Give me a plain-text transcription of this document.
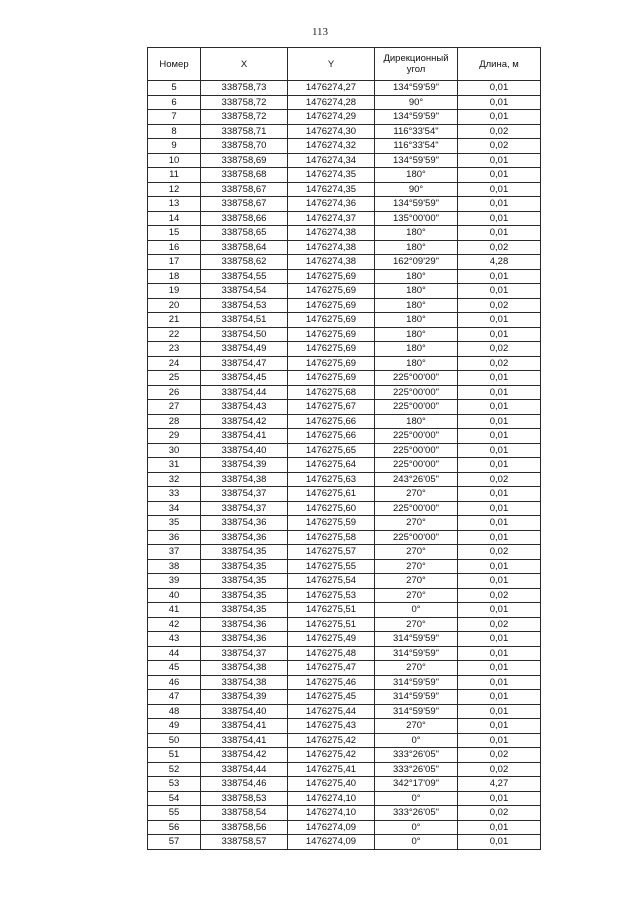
113
Номер	X	Y	Дирекционный угол	Длина, м
5	338758,73	1476274,27	134°59'59"	0,01
6	338758,72	1476274,28	90°	0,01
7	338758,72	1476274,29	134°59'59"	0,01
8	338758,71	1476274,30	116°33'54"	0,02
9	338758,70	1476274,32	116°33'54"	0,02
10	338758,69	1476274,34	134°59'59"	0,01
11	338758,68	1476274,35	180°	0,01
12	338758,67	1476274,35	90°	0,01
13	338758,67	1476274,36	134°59'59"	0,01
14	338758,66	1476274,37	135°00'00"	0,01
15	338758,65	1476274,38	180°	0,01
16	338758,64	1476274,38	180°	0,02
17	338758,62	1476274,38	162°09'29"	4,28
18	338754,55	1476275,69	180°	0,01
19	338754,54	1476275,69	180°	0,01
20	338754,53	1476275,69	180°	0,02
21	338754,51	1476275,69	180°	0,01
22	338754,50	1476275,69	180°	0,01
23	338754,49	1476275,69	180°	0,02
24	338754,47	1476275,69	180°	0,02
25	338754,45	1476275,69	225°00'00"	0,01
26	338754,44	1476275,68	225°00'00"	0,01
27	338754,43	1476275,67	225°00'00"	0,01
28	338754,42	1476275,66	180°	0,01
29	338754,41	1476275,66	225°00'00"	0,01
30	338754,40	1476275,65	225°00'00"	0,01
31	338754,39	1476275,64	225°00'00"	0,01
32	338754,38	1476275,63	243°26'05"	0,02
33	338754,37	1476275,61	270°	0,01
34	338754,37	1476275,60	225°00'00"	0,01
35	338754,36	1476275,59	270°	0,01
36	338754,36	1476275,58	225°00'00"	0,01
37	338754,35	1476275,57	270°	0,02
38	338754,35	1476275,55	270°	0,01
39	338754,35	1476275,54	270°	0,01
40	338754,35	1476275,53	270°	0,02
41	338754,35	1476275,51	0°	0,01
42	338754,36	1476275,51	270°	0,02
43	338754,36	1476275,49	314°59'59"	0,01
44	338754,37	1476275,48	314°59'59"	0,01
45	338754,38	1476275,47	270°	0,01
46	338754,38	1476275,46	314°59'59"	0,01
47	338754,39	1476275,45	314°59'59"	0,01
48	338754,40	1476275,44	314°59'59"	0,01
49	338754,41	1476275,43	270°	0,01
50	338754,41	1476275,42	0°	0,01
51	338754,42	1476275,42	333°26'05"	0,02
52	338754,44	1476275,41	333°26'05"	0,02
53	338754,46	1476275,40	342°17'09"	4,27
54	338758,53	1476274,10	0°	0,01
55	338758,54	1476274,10	333°26'05"	0,02
56	338758,56	1476274,09	0°	0,01
57	338758,57	1476274,09	0°	0,01
